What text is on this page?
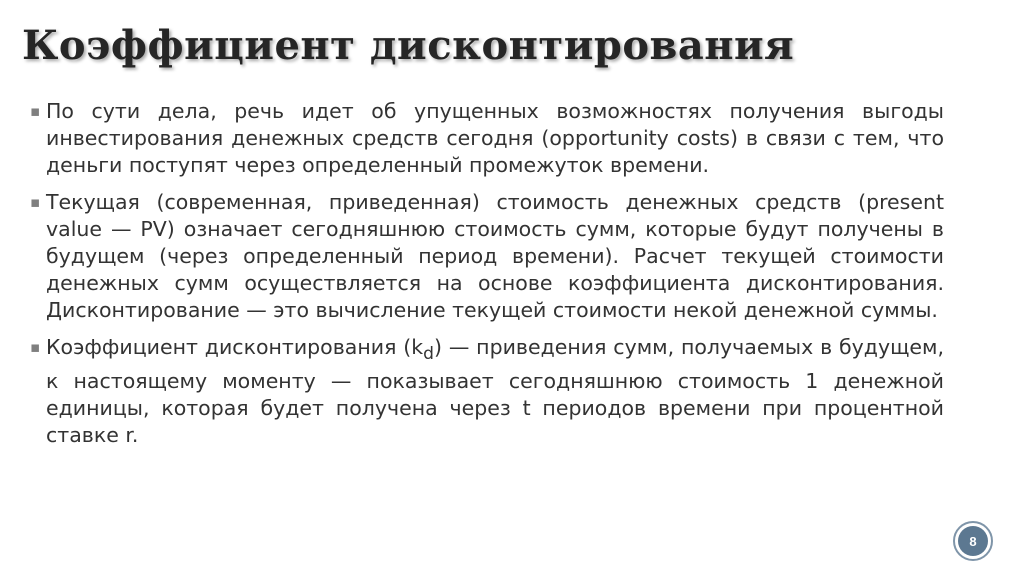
Коэффициент дисконтирования
▪ По сути дела, речь идет об упущенных возможностях получения выгоды инвестирования денежных средств сегодня (opportunity costs) в связи с тем, что деньги поступят через определенный промежуток времени.
▪ Текущая (современная, приведенная) стоимость денежных средств (present value — PV) означает сегодняшнюю стоимость сумм, которые будут получены в будущем (через определенный период времени). Расчет текущей стоимости денежных сумм осуществляется на основе коэффициента дисконтирования. Дисконтирование — это вычисление текущей стоимости некой денежной суммы.
▪ Коэффициент дисконтирования $(k_d)$ — приведения сумм, получаемых в будущем, к настоящему моменту — показывает сегодняшнюю стоимость 1 денежной единицы, которая будет получена через t периодов времени при процентной ставке r.
8
